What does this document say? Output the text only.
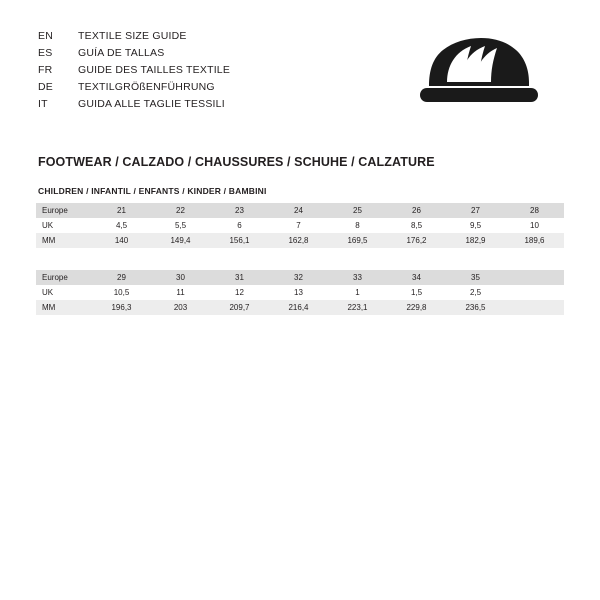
EN	TEXTILE SIZE GUIDE
ES	GUÍA DE TALLAS
FR	GUIDE DES TAILLES TEXTILE
DE	TEXTILGRÖßENFÜHRUNG
IT	GUIDA ALLE TAGLIE TESSILI
FOOTWEAR / CALZADO / CHAUSSURES / SCHUHE / CALZATURE
CHILDREN / INFANTIL / ENFANTS / KINDER / BAMBINI
Europe	21	22	23	24	25	26	27	28
UK	4,5	5,5	6	7	8	8,5	9,5	10
MM	140	149,4	156,1	162,8	169,5	176,2	182,9	189,6
Europe	29	30	31	32	33	34	35	
UK	10,5	11	12	13	1	1,5	2,5	
MM	196,3	203	209,7	216,4	223,1	229,8	236,5	
